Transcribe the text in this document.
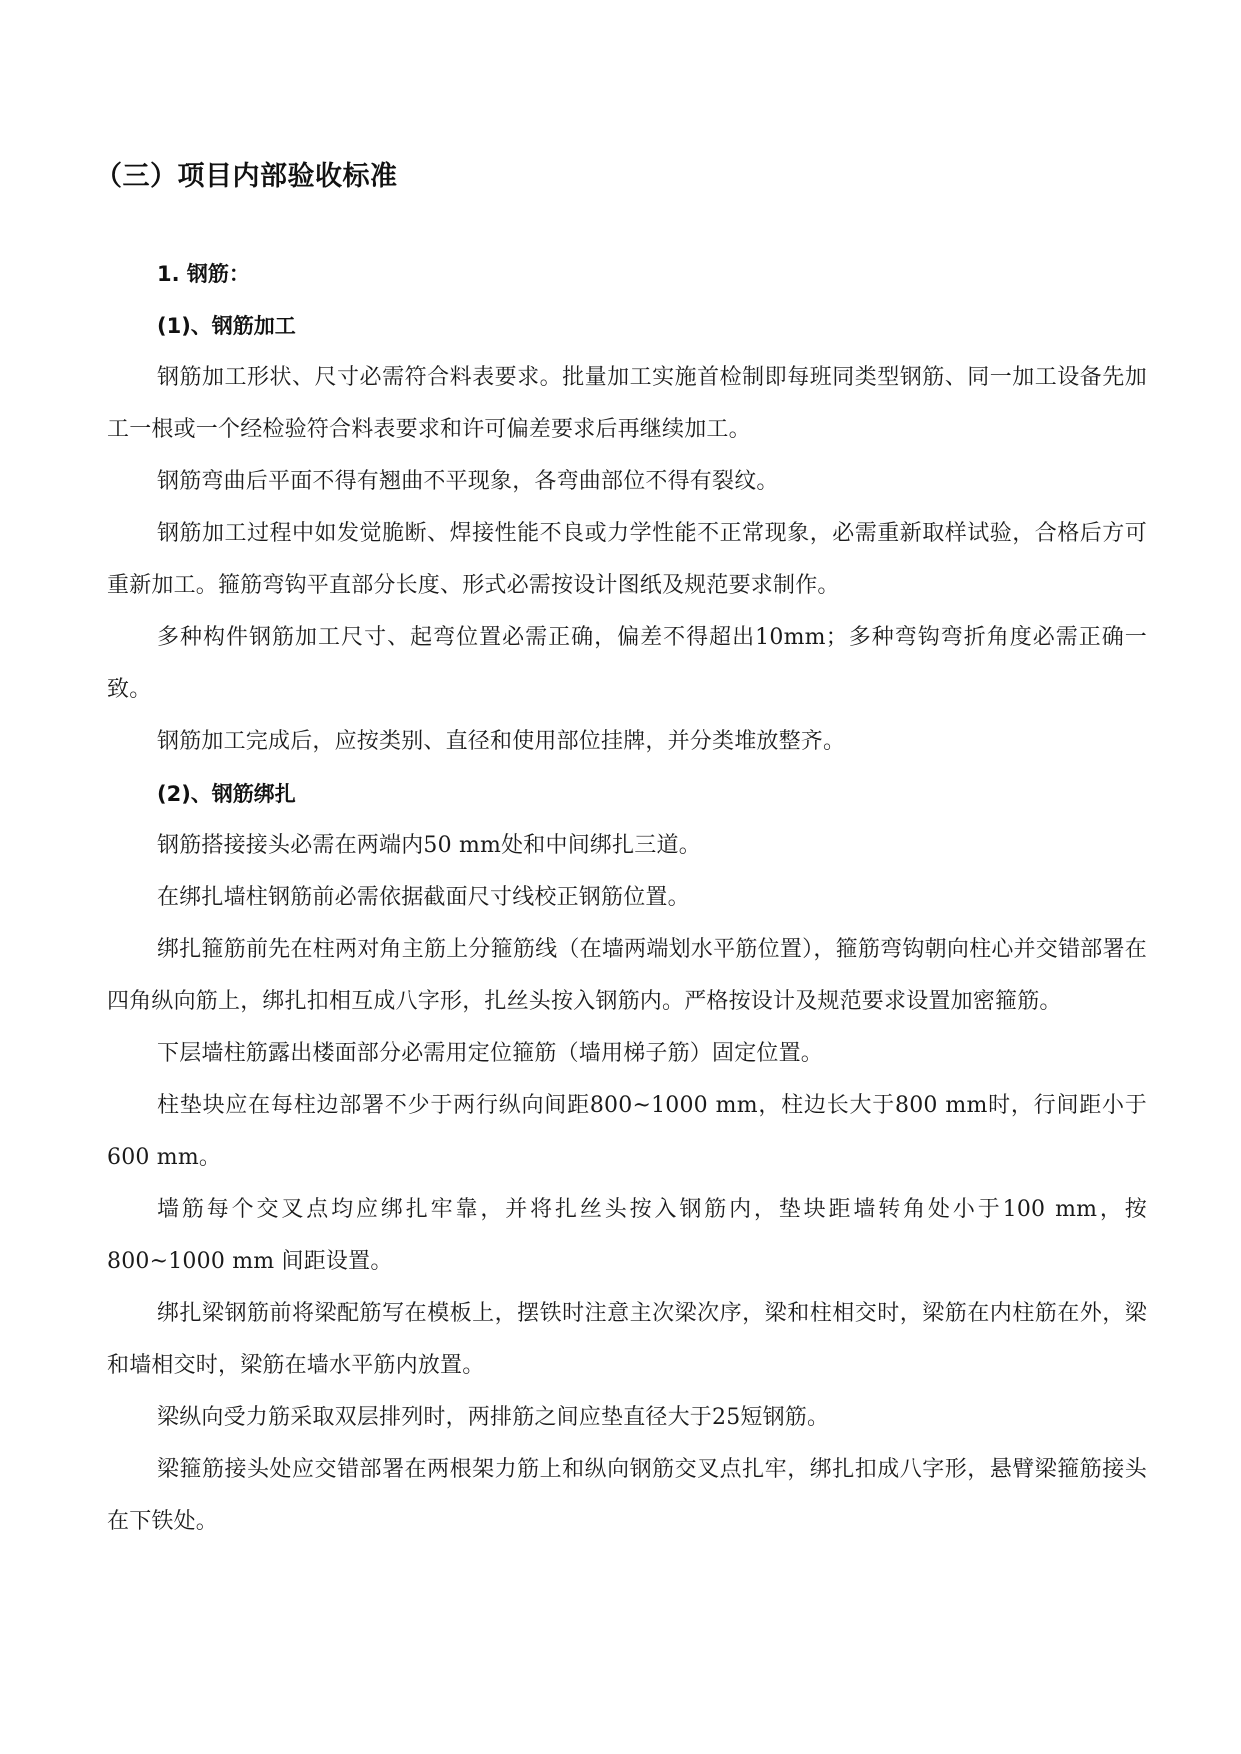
（三）项目内部验收标准

1. 钢筋：

(1)、钢筋加工

钢筋加工形状、尺寸必需符合料表要求。批量加工实施首检制即每班同类型钢筋、同一加工设备先加工一根或一个经检验符合料表要求和许可偏差要求后再继续加工。

钢筋弯曲后平面不得有翘曲不平现象，各弯曲部位不得有裂纹。

钢筋加工过程中如发觉脆断、焊接性能不良或力学性能不正常现象，必需重新取样试验，合格后方可重新加工。箍筋弯钩平直部分长度、形式必需按设计图纸及规范要求制作。

多种构件钢筋加工尺寸、起弯位置必需正确，偏差不得超出10mm；多种弯钩弯折角度必需正确一致。

钢筋加工完成后，应按类别、直径和使用部位挂牌，并分类堆放整齐。

(2)、钢筋绑扎

钢筋搭接接头必需在两端内50 mm处和中间绑扎三道。

在绑扎墙柱钢筋前必需依据截面尺寸线校正钢筋位置。

绑扎箍筋前先在柱两对角主筋上分箍筋线（在墙两端划水平筋位置），箍筋弯钩朝向柱心并交错部署在四角纵向筋上，绑扎扣相互成八字形，扎丝头按入钢筋内。严格按设计及规范要求设置加密箍筋。

下层墙柱筋露出楼面部分必需用定位箍筋（墙用梯子筋）固定位置。

柱垫块应在每柱边部署不少于两行纵向间距800~1000 mm，柱边长大于800 mm时，行间距小于600 mm。

墙筋每个交叉点均应绑扎牢靠，并将扎丝头按入钢筋内，垫块距墙转角处小于100 mm，按800~1000 mm 间距设置。

绑扎梁钢筋前将梁配筋写在模板上，摆铁时注意主次梁次序，梁和柱相交时，梁筋在内柱筋在外，梁和墙相交时，梁筋在墙水平筋内放置。

梁纵向受力筋采取双层排列时，两排筋之间应垫直径大于25短钢筋。

梁箍筋接头处应交错部署在两根架力筋上和纵向钢筋交叉点扎牢，绑扎扣成八字形，悬臂梁箍筋接头在下铁处。
